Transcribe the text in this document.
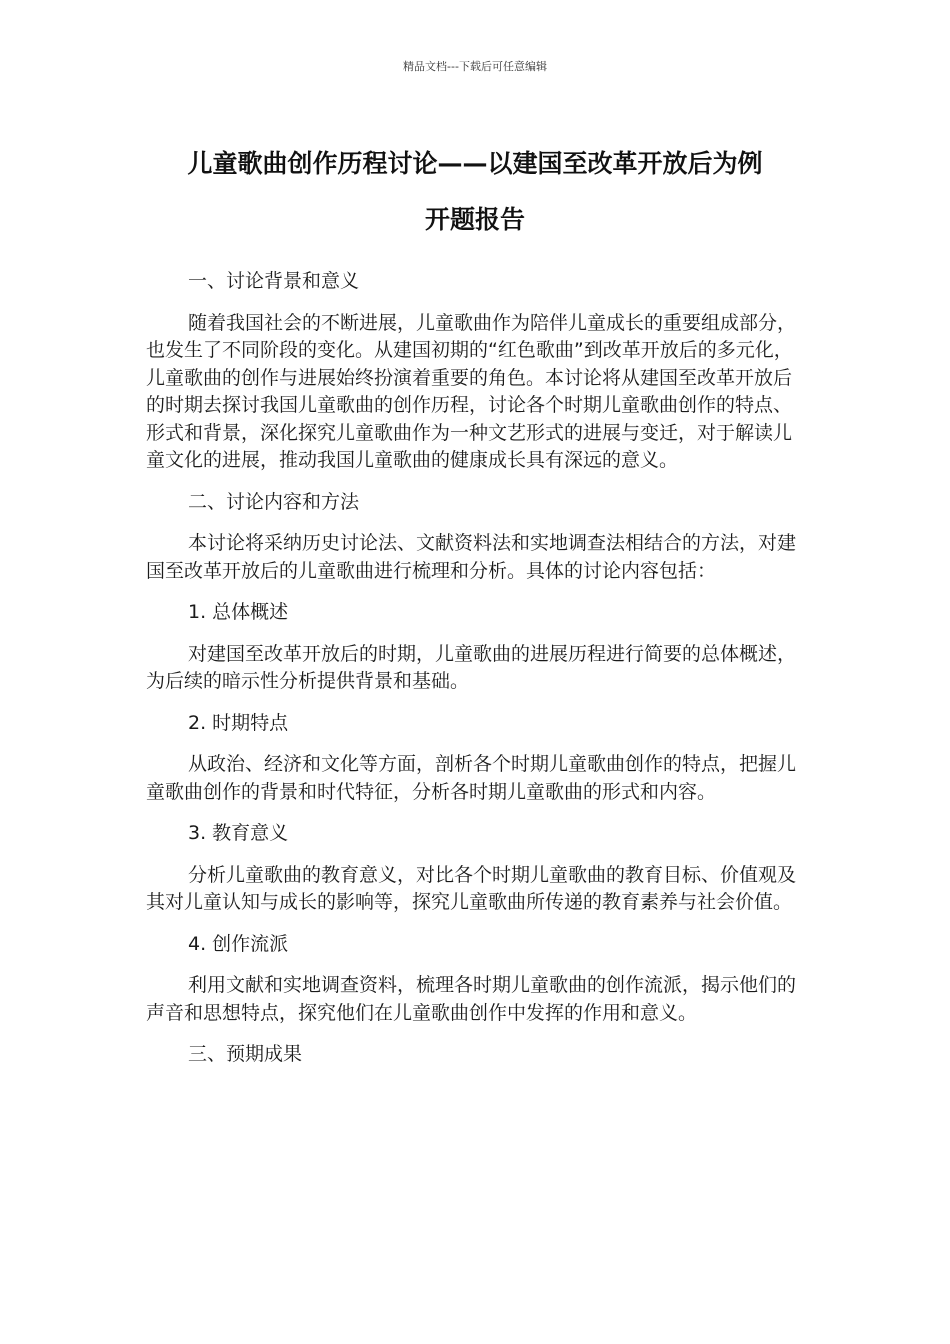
精品文档---下载后可任意编辑
儿童歌曲创作历程讨论——以建国至改革开放后为例
开题报告

一、讨论背景和意义

随着我国社会的不断进展，儿童歌曲作为陪伴儿童成长的重要组成部分，也发生了不同阶段的变化。从建国初期的“红色歌曲”到改革开放后的多元化，儿童歌曲的创作与进展始终扮演着重要的角色。本讨论将从建国至改革开放后的时期去探讨我国儿童歌曲的创作历程，讨论各个时期儿童歌曲创作的特点、形式和背景，深化探究儿童歌曲作为一种文艺形式的进展与变迁，对于解读儿童文化的进展，推动我国儿童歌曲的健康成长具有深远的意义。

二、讨论内容和方法

本讨论将采纳历史讨论法、文献资料法和实地调查法相结合的方法，对建国至改革开放后的儿童歌曲进行梳理和分析。具体的讨论内容包括：

1. 总体概述

对建国至改革开放后的时期，儿童歌曲的进展历程进行简要的总体概述，为后续的暗示性分析提供背景和基础。

2. 时期特点

从政治、经济和文化等方面，剖析各个时期儿童歌曲创作的特点，把握儿童歌曲创作的背景和时代特征，分析各时期儿童歌曲的形式和内容。

3. 教育意义

分析儿童歌曲的教育意义，对比各个时期儿童歌曲的教育目标、价值观及其对儿童认知与成长的影响等，探究儿童歌曲所传递的教育素养与社会价值。

4. 创作流派

利用文献和实地调查资料，梳理各时期儿童歌曲的创作流派，揭示他们的声音和思想特点，探究他们在儿童歌曲创作中发挥的作用和意义。

三、预期成果
